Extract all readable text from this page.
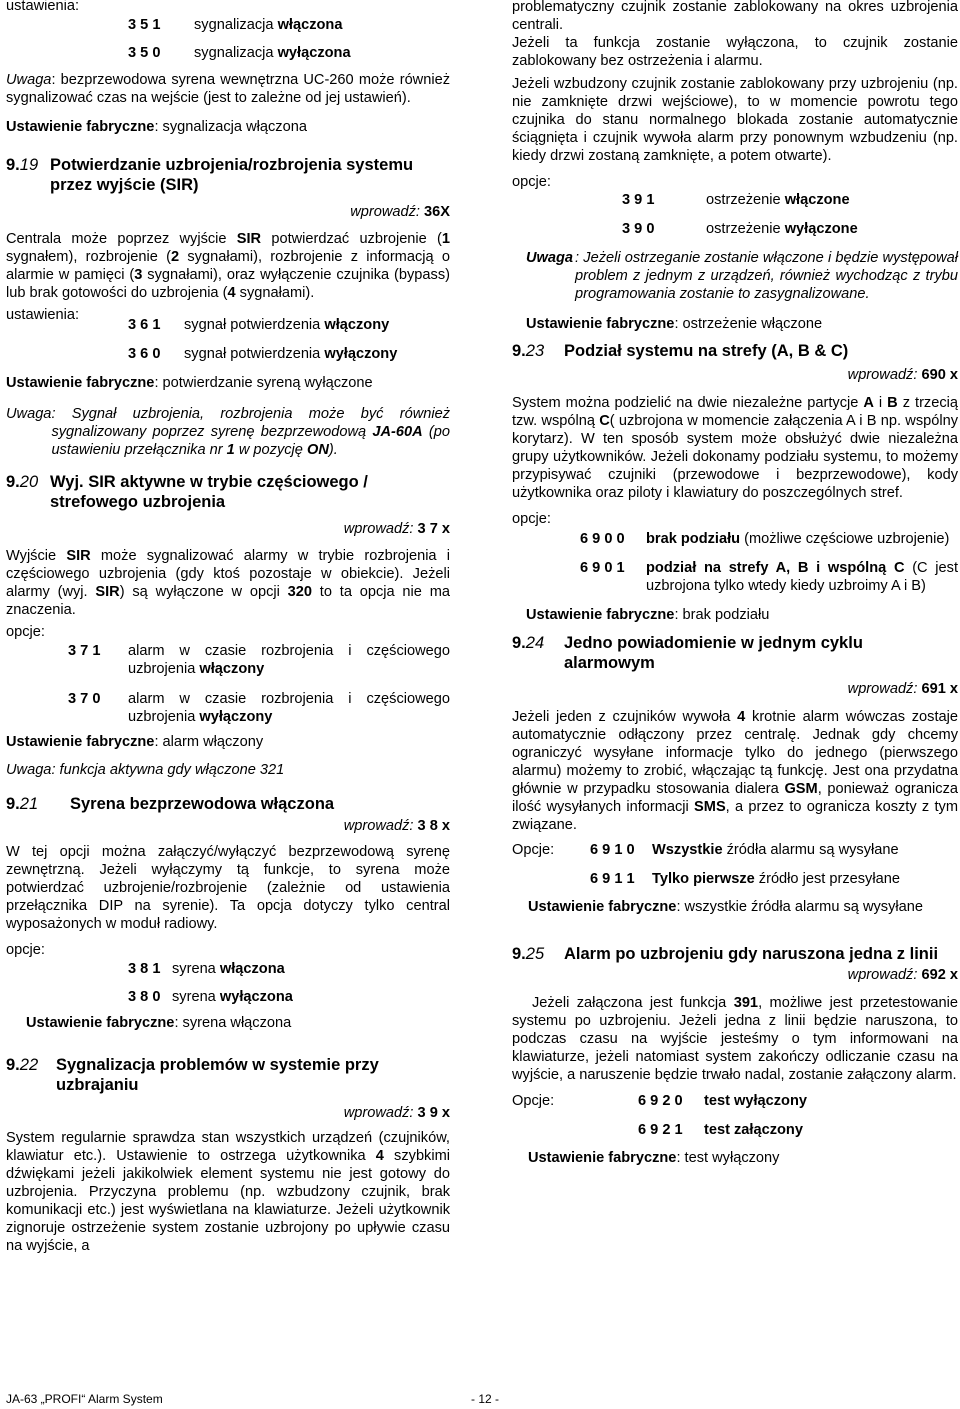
ustawienia:

3 5 1	sygnalizacja włączona
3 5 0	sygnalizacja wyłączona

Uwaga: bezprzewodowa syrena wewnętrzna UC-260 może również sygnalizować czas na wejście (jest to zależne od jej ustawień).

Ustawienie fabryczne: sygnalizacja włączona

9.19 Potwierdzanie uzbrojenia/rozbrojenia systemu przez wyjście (SIR)

wprowadź: 36X

Centrala może poprzez wyjście SIR potwierdzać uzbrojenie (1 sygnałem), rozbrojenie (2 sygnałami), rozbrojenie z informacją o alarmie w pamięci (3 sygnałami), oraz wyłączenie czujnika (bypass) lub brak gotowości do uzbrojenia (4 sygnałami).

ustawienia:

3 6 1	sygnał potwierdzenia włączony
3 6 0	sygnał potwierdzenia wyłączony

Ustawienie fabryczne: potwierdzanie syreną wyłączone

Uwaga : Sygnał uzbrojenia, rozbrojenia może być również sygnalizowany poprzez syrenę bezprzewodową JA-60A (po ustawieniu przełącznika nr 1 w pozycję ON).
9.20 Wyj. SIR aktywne w trybie częściowego / strefowego uzbrojenia

wprowadź: 3 7 x

Wyjście SIR może sygnalizować alarmy w trybie rozbrojenia i częściowego uzbrojenia (gdy ktoś pozostaje w obiekcie). Jeżeli alarmy (wyj. SIR) są wyłączone w opcji 320 to ta opcja nie ma znaczenia.

opcje:

3 7 1	alarm w czasie rozbrojenia i częściowego uzbrojenia włączony
3 7 0	alarm w czasie rozbrojenia i częściowego uzbrojenia wyłączony

Ustawienie fabryczne: alarm włączony

Uwaga: funkcja aktywna gdy włączone 321

9.21	Syrena bezprzewodowa włączona

wprowadź: 3 8 x

W tej opcji można załączyć/wyłączyć bezprzewodową syrenę zewnętrzną. Jeżeli wyłączymy tą funkcje, to syrena może potwierdzać uzbrojenie/rozbrojenie (zależnie od ustawienia przełącznika DIP na syrenie). Ta opcja dotyczy tylko central wyposażonych w moduł radiowy.

opcje:

3 8 1 syrena włączona
3 8 0 syrena wyłączona

Ustawienie fabryczne: syrena włączona

9.22	Sygnalizacja problemów w systemie przy uzbrajaniu

wprowadź: 3 9 x

System regularnie sprawdza stan wszystkich urządzeń (czujników, klawiatur etc.). Ustawienie to ostrzega użytkownika 4 szybkimi dźwiękami jeżeli jakikolwiek element systemu nie jest gotowy do uzbrojenia. Przyczyna problemu (np. wzbudzony czujnik, brak komunikacji etc.) jest wyświetlana na klawiaturze. Jeżeli użytkownik zignoruje ostrzeżenie system zostanie uzbrojony po upływie czasu na wyjście, a

problematyczny czujnik zostanie zablokowany na okres uzbrojenia centrali.

Jeżeli ta funkcja zostanie wyłączona, to czujnik zostanie zablokowany bez ostrzeżenia i alarmu.

Jeżeli wzbudzony czujnik zostanie zablokowany przy uzbrojeniu (np. nie zamknięte drzwi wejściowe), to w momencie powrotu tego czujnika do stanu normalnego blokada zostanie automatycznie ściągnięta i czujnik wywoła alarm przy ponownym wzbudzeniu (np. kiedy drzwi zostaną zamknięte, a potem otwarte).

opcje:

3 9 1	ostrzeżenie włączone
3 9 0	ostrzeżenie wyłączone
Uwaga : Jeżeli ostrzeganie zostanie włączone i będzie występował problem z jednym z urządzeń, również wychodząc z trybu programowania zostanie to zasygnalizowane.

Ustawienie fabryczne: ostrzeżenie włączone

9.23	Podział systemu na strefy (A, B & C)

wprowadź: 690 x

System można podzielić na dwie niezależne partycje A i B z trzecią tzw. wspólną C( uzbrojona w momencie załączenia A i B np. wspólny korytarz). W ten sposób system może obsłużyć dwie niezależna grupy użytkowników. Jeżeli dokonamy podziału systemu, to możemy przypisywać czujniki (przewodowe i bezprzewodowe), kody użytkownika oraz piloty i klawiatury do poszczególnych stref.

opcje:

6 9 0 0	brak podziału (możliwe częściowe uzbrojenie)
6 9 0 1	podział na strefy A, B i wspólną C (C jest uzbrojona tylko wtedy kiedy uzbroimy A i B)

Ustawienie fabryczne: brak podziału

9.24	Jedno powiadomienie w jednym cyklu alarmowym

wprowadź: 691 x

Jeżeli jeden z czujników wywoła 4 krotnie alarm wówczas zostaje automatycznie odłączony przez centralę. Jednak gdy chcemy ograniczyć wysyłane informacje tylko do jednego (pierwszego alarmu) możemy to zrobić, włączając tą funkcję. Jest ona przydatna głównie w przypadku stosowania dialera GSM, ponieważ ogranicza ilość wysyłanych informacji SMS, a przez to ogranicza koszty z tym związane.

Opcje:	6 9 1 0	Wszystkie źródła alarmu są wysyłane
6 9 1 1	Tylko pierwsze źródło jest przesyłane

Ustawienie fabryczne: wszystkie źródła alarmu są wysyłane

9.25	Alarm po uzbrojeniu gdy naruszona jedna z linii

wprowadź: 692 x

Jeżeli załączona jest funkcja 391, możliwe jest przetestowanie systemu po uzbrojeniu. Jeżeli jedna z linii będzie naruszona, to podczas czasu na wyjście jesteśmy o tym informowani na klawiaturze, jeżeli natomiast system zakończy odliczanie czasu na wyjście, a naruszenie będzie trwało nadal, zostanie załączony alarm.

Opcje:	6 9 2 0	test wyłączony
6 9 2 1	test załączony

Ustawienie fabryczne: test wyłączony

JA-63 „PROFI“ Alarm System	- 12 -
